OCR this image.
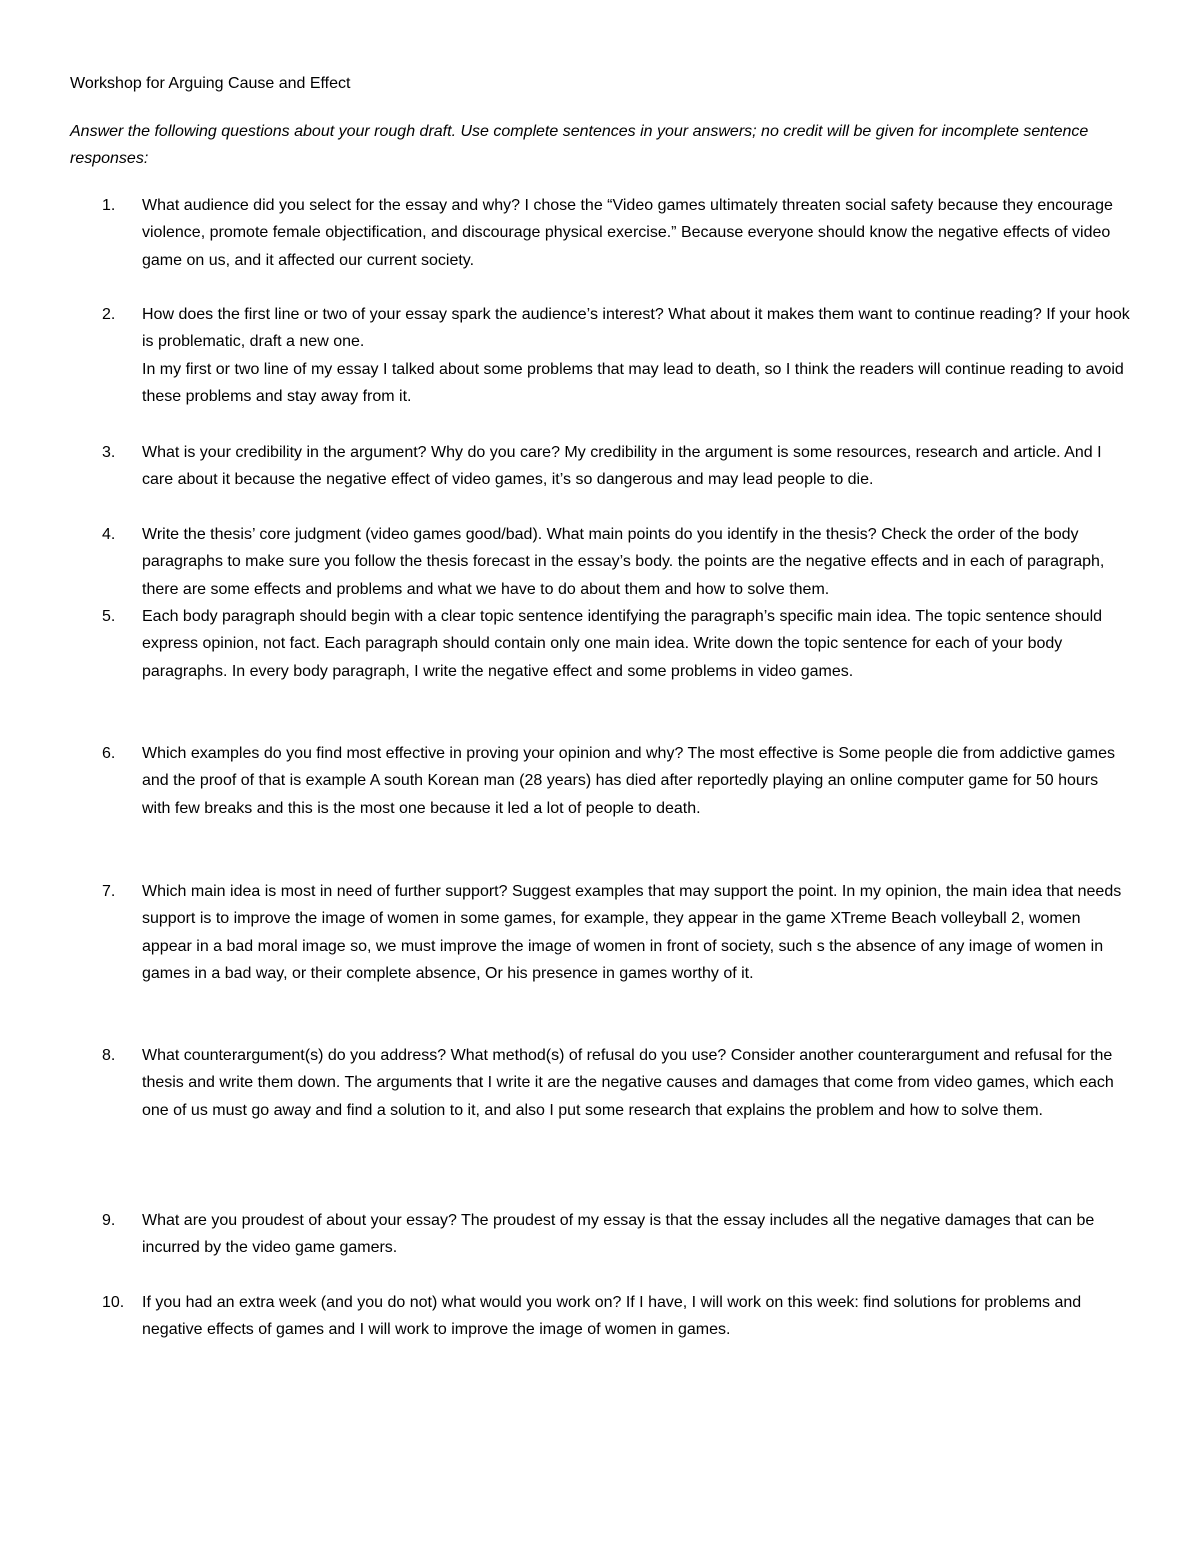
Workshop for Arguing Cause and Effect
Answer the following questions about your rough draft. Use complete sentences in your answers; no credit will be given for incomplete sentence responses:
1.	What audience did you select for the essay and why? I chose the “Video games ultimately threaten social safety because they encourage violence, promote female objectification, and discourage physical exercise.” Because everyone should know the negative effects of video game on us, and it affected our current society.

2.	How does the first line or two of your essay spark the audience’s interest? What about it makes them want to continue reading? If your hook is problematic, draft a new one.

In my first or two line of my essay I talked about some problems that may lead to death, so I think the readers will continue reading to avoid these problems and stay away from it.

3.	What is your credibility in the argument? Why do you care? My credibility in the argument is some resources, research and article. And I care about it because the negative effect of video games, it’s so dangerous and may lead people to die.

4.	Write the thesis’ core judgment (video games good/bad). What main points do you identify in the thesis? Check the order of the body paragraphs to make sure you follow the thesis forecast in the essay’s body. the points are the negative effects and in each of paragraph, there are some effects and problems and what we have to do about them and how to solve them.

5.	Each body paragraph should begin with a clear topic sentence identifying the paragraph’s specific main idea. The topic sentence should express opinion, not fact. Each paragraph should contain only one main idea. Write down the topic sentence for each of your body paragraphs. In every body paragraph, I write the negative effect and some problems in video games.

6.	Which examples do you find most effective in proving your opinion and why? The most effective is Some people die from addictive games and the proof of that is example A south Korean man (28 years) has died after reportedly playing an online computer game for 50 hours with few breaks and this is the most one because it led a lot of people to death.

7.	Which main idea is most in need of further support? Suggest examples that may support the point. In my opinion, the main idea that needs support is to improve the image of women in some games, for example, they appear in the game XTreme Beach volleyball 2, women appear in a bad moral image so, we must improve the image of women in front of society, such s the absence of any image of women in games in a bad way, or their complete absence, Or his presence in games worthy of it.

8.	What counterargument(s) do you address? What method(s) of refusal do you use? Consider another counterargument and refusal for the thesis and write them down. The arguments that I write it are the negative causes and damages that come from video games, which each one of us must go away and find a solution to it, and also I put some research that explains the problem and how to solve them.

9.	What are you proudest of about your essay? The proudest of my essay is that the essay includes all the negative damages that can be incurred by the video game gamers.

10.	If you had an extra week (and you do not) what would you work on? If I have, I will work on this week: find solutions for problems and negative effects of games and I will work to improve the image of women in games.
